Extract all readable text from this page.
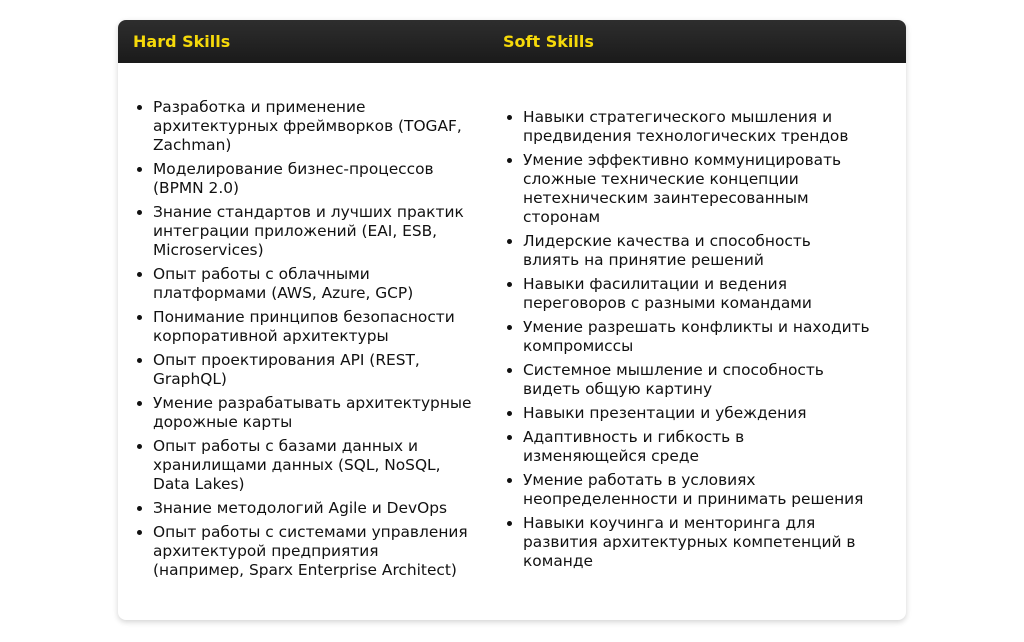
Hard Skills	Soft Skills
• Разработка и применение архитектурных фреймворков (TOGAF, Zachman)
• Моделирование бизнес-процессов (BPMN 2.0)
• Знание стандартов и лучших практик интеграции приложений (EAI, ESB, Microservices)
• Опыт работы с облачными платформами (AWS, Azure, GCP)
• Понимание принципов безопасности корпоративной архитектуры
• Опыт проектирования API (REST, GraphQL)
• Умение разрабатывать архитектурные дорожные карты
• Опыт работы с базами данных и хранилищами данных (SQL, NoSQL, Data Lakes)
• Знание методологий Agile и DevOps
• Опыт работы с системами управления архитектурой предприятия (например, Sparx Enterprise Architect)
• Навыки стратегического мышления и предвидения технологических трендов
• Умение эффективно коммуницировать сложные технические концепции нетехническим заинтересованным сторонам
• Лидерские качества и способность влиять на принятие решений
• Навыки фасилитации и ведения переговоров с разными командами
• Умение разрешать конфликты и находить компромиссы
• Системное мышление и способность видеть общую картину
• Навыки презентации и убеждения
• Адаптивность и гибкость в изменяющейся среде
• Умение работать в условиях неопределенности и принимать решения
• Навыки коучинга и менторинга для развития архитектурных компетенций в команде
